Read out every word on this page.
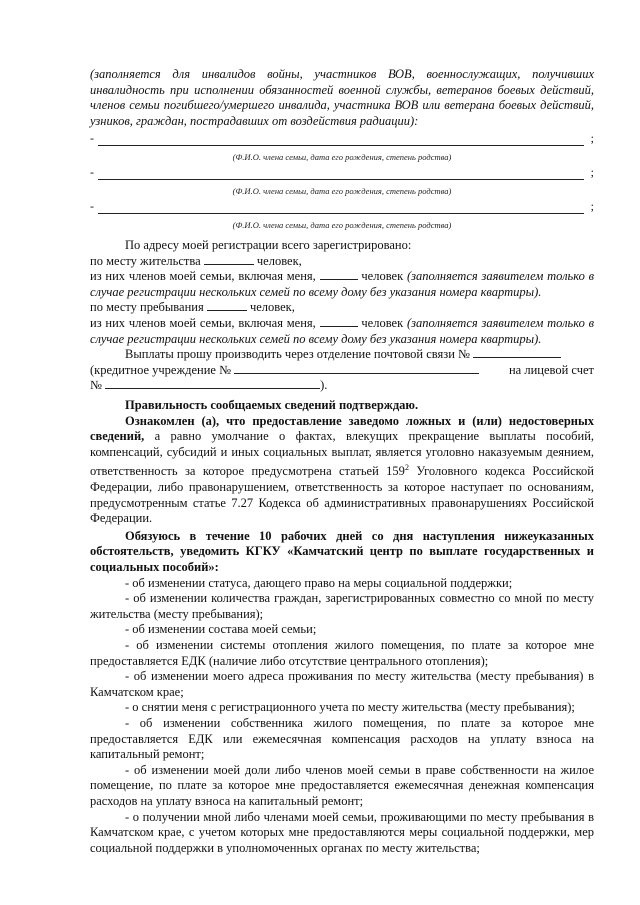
(заполняется для инвалидов войны, участников ВОВ, военнослужащих, получивших инвалидность при исполнении обязанностей военной службы, ветеранов боевых действий, членов семьи погибшего/умершего инвалида, участника ВОВ или ветерана боевых действий, узников, граждан, пострадавших от воздействия радиации):

-	;
(Ф.И.О. члена семьи, дата его рождения, степень родства)
-	;
(Ф.И.О. члена семьи, дата его рождения, степень родства)
-	;
(Ф.И.О. члена семьи, дата его рождения, степень родства)

По адресу моей регистрации всего зарегистрировано:

по месту жительства	человек,

из них членов моей семьи, включая меня,	человек (заполняется заявителем только в случае регистрации нескольких семей по всему дому без указания номера квартиры).

по месту пребывания	человек,

из них членов моей семьи, включая меня,	человек (заполняется заявителем только в случае регистрации нескольких семей по всему дому без указания номера квартиры).

Выплаты прошу производить через отделение почтовой связи №

(кредитное учреждение №	на лицевой счет

№	).

Правильность сообщаемых сведений подтверждаю.

Ознакомлен (а), что предоставление заведомо ложных и (или) недостоверных сведений, а равно умолчание о фактах, влекущих прекращение выплаты пособий, компенсаций, субсидий и иных социальных выплат, является уголовно наказуемым деянием, ответственность за которое предусмотрена статьей $159^2$ Уголовного кодекса Российской Федерации, либо правонарушением, ответственность за которое наступает по основаниям, предусмотренным статье 7.27 Кодекса об административных правонарушениях Российской Федерации.

Обязуюсь в течение 10 рабочих дней со дня наступления нижеуказанных обстоятельств, уведомить КГКУ «Камчатский центр по выплате государственных и социальных пособий»:

- об изменении статуса, дающего право на меры социальной поддержки;

- об изменении количества граждан, зарегистрированных совместно со мной по месту жительства (месту пребывания);

- об изменении состава моей семьи;

- об изменении системы отопления жилого помещения, по плате за которое мне предоставляется ЕДК (наличие либо отсутствие центрального отопления);

- об изменении моего адреса проживания по месту жительства (месту пребывания) в Камчатском крае;

- о снятии меня с регистрационного учета по месту жительства (месту пребывания);

- об изменении собственника жилого помещения, по плате за которое мне предоставляется ЕДК или ежемесячная компенсация расходов на уплату взноса на капитальный ремонт;

- об изменении моей доли либо членов моей семьи в праве собственности на жилое помещение, по плате за которое мне предоставляется ежемесячная денежная компенсация расходов на уплату взноса на капитальный ремонт;

- о получении мной либо членами моей семьи, проживающими по месту пребывания в Камчатском крае, с учетом которых мне предоставляются меры социальной поддержки, мер социальной поддержки в уполномоченных органах по месту жительства;
